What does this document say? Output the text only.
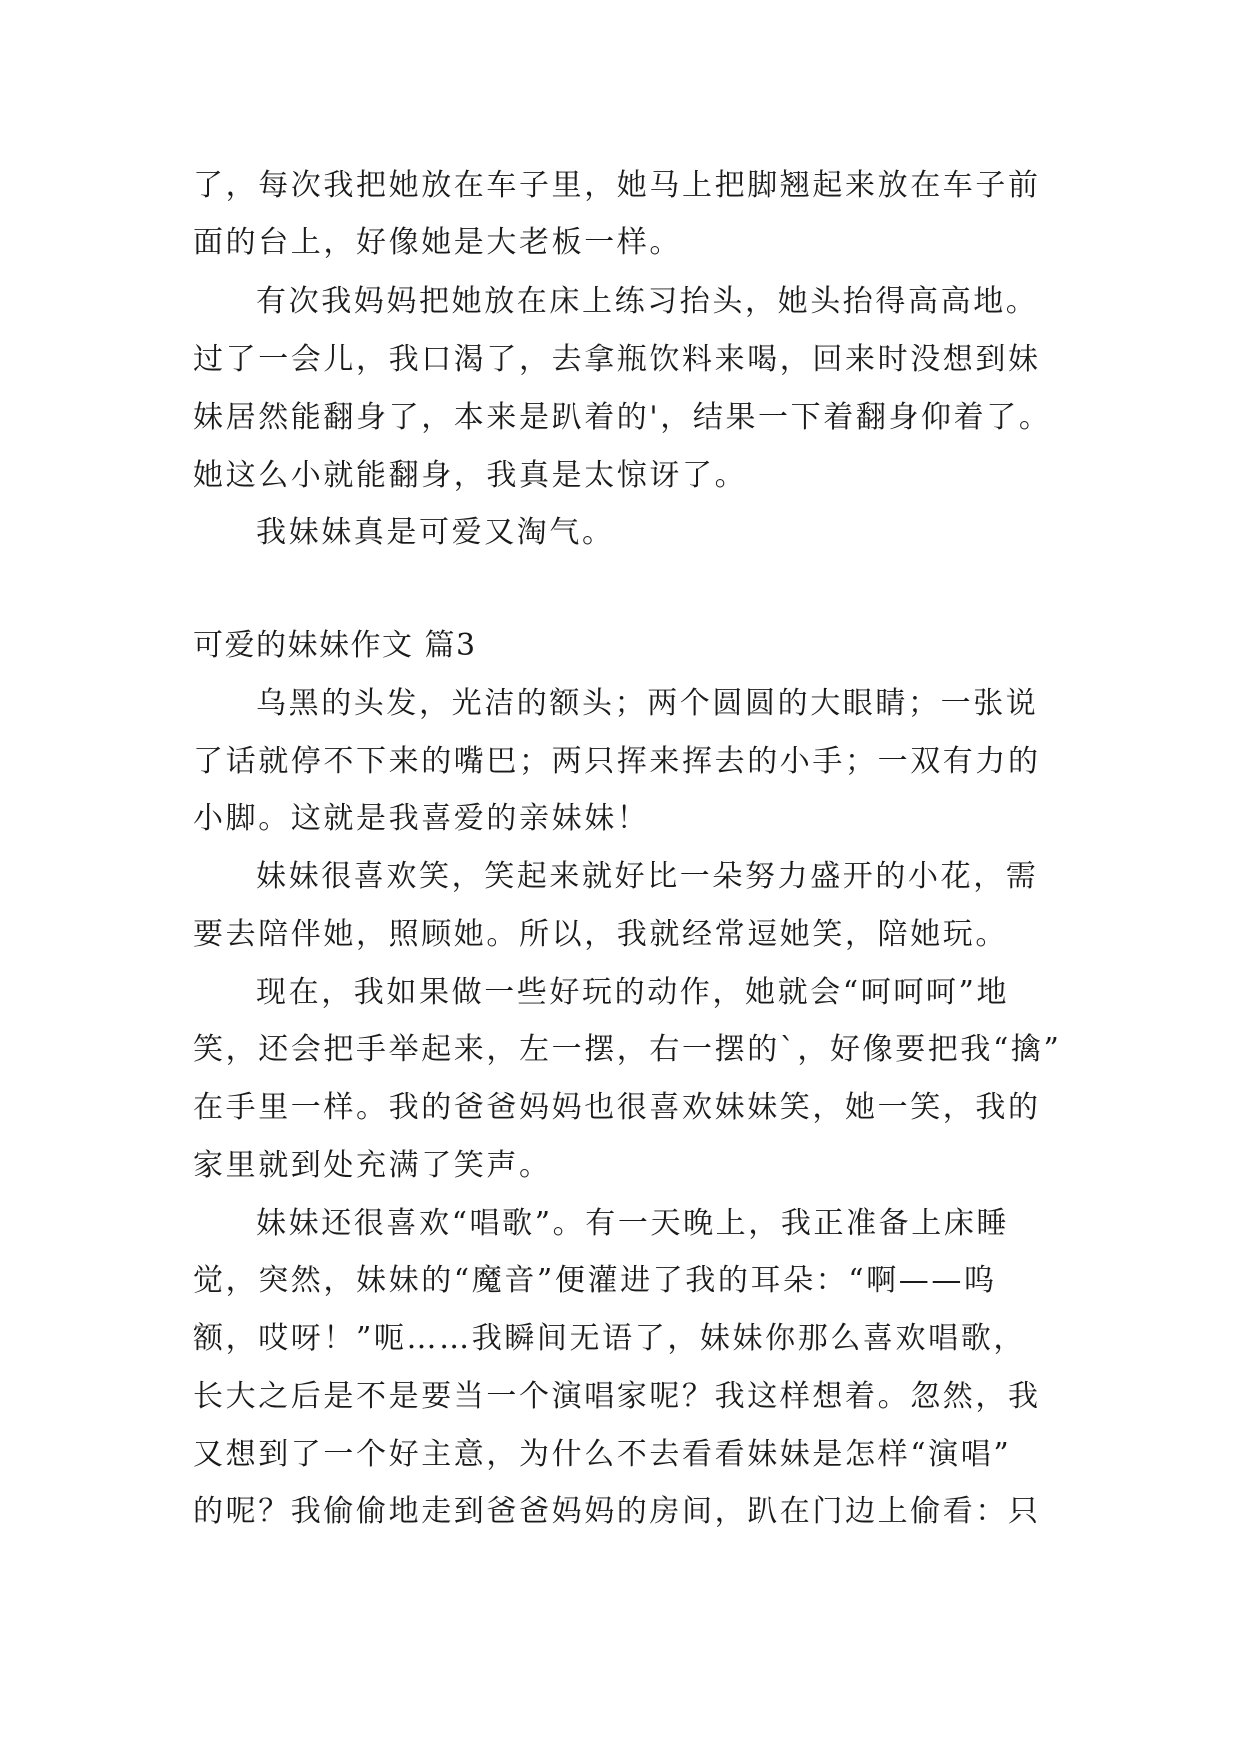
了，每次我把她放在车子里，她马上把脚翘起来放在车子前
面的台上，好像她是大老板一样。
有次我妈妈把她放在床上练习抬头，她头抬得高高地。
过了一会儿，我口渴了，去拿瓶饮料来喝，回来时没想到妹
妹居然能翻身了，本来是趴着的'，结果一下着翻身仰着了。
她这么小就能翻身，我真是太惊讶了。
我妹妹真是可爱又淘气。
可爱的妹妹作文 篇3
乌黑的头发，光洁的额头；两个圆圆的大眼睛；一张说
了话就停不下来的嘴巴；两只挥来挥去的小手；一双有力的
小脚。这就是我喜爱的亲妹妹！
妹妹很喜欢笑，笑起来就好比一朵努力盛开的小花，需
要去陪伴她，照顾她。所以，我就经常逗她笑，陪她玩。
现在，我如果做一些好玩的动作，她就会“呵呵呵”地
笑，还会把手举起来，左一摆，右一摆的`，好像要把我“擒”
在手里一样。我的爸爸妈妈也很喜欢妹妹笑，她一笑，我的
家里就到处充满了笑声。
妹妹还很喜欢“唱歌”。有一天晚上，我正准备上床睡
觉，突然，妹妹的“魔音”便灌进了我的耳朵：“啊——呜
额，哎呀！”呃……我瞬间无语了，妹妹你那么喜欢唱歌，
长大之后是不是要当一个演唱家呢？我这样想着。忽然，我
又想到了一个好主意，为什么不去看看妹妹是怎样“演唱”
的呢？我偷偷地走到爸爸妈妈的房间，趴在门边上偷看：只
